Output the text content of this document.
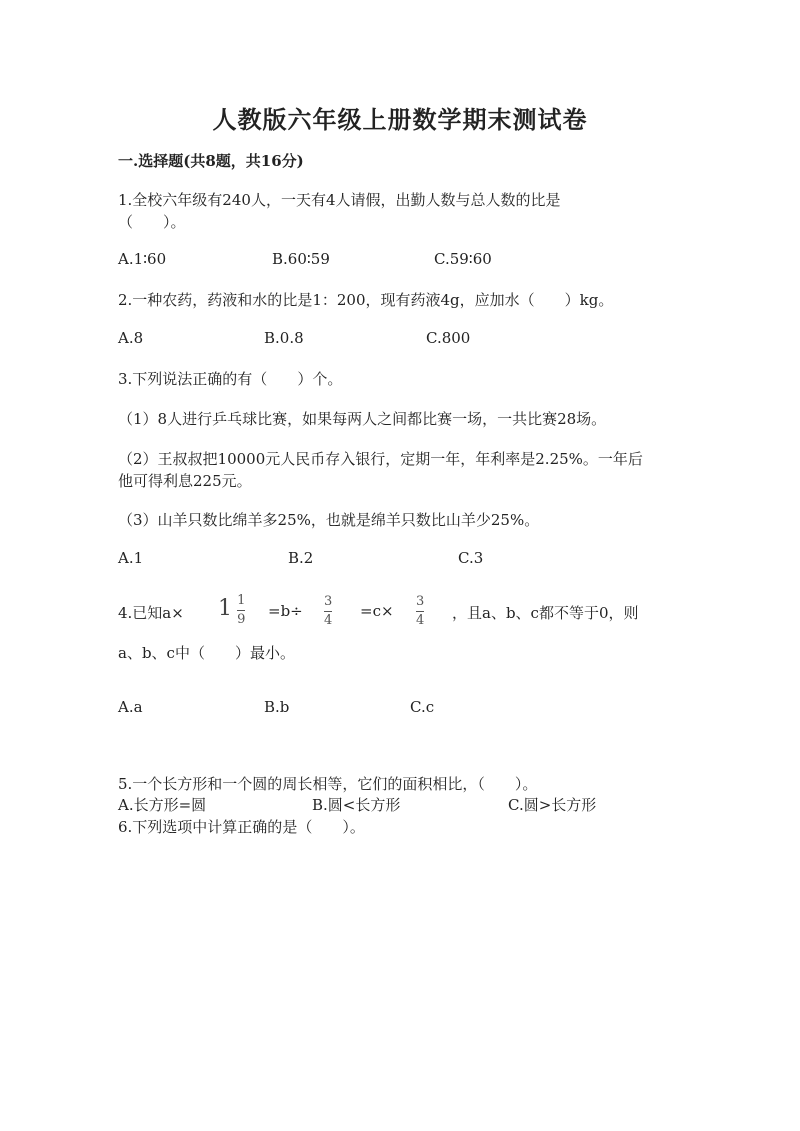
人教版六年级上册数学期末测试卷
一.选择题(共8题，共16分)
1.全校六年级有240人，一天有4人请假，出勤人数与总人数的比是
（　　）。
A.1∶60	B.60∶59	C.59∶60
2.一种农药，药液和水的比是1：200，现有药液4g，应加水（　　）kg。
A.8	B.0.8	C.800
3.下列说法正确的有（　　）个。
（1）8人进行乒乓球比赛，如果每两人之间都比赛一场，一共比赛28场。
（2）王叔叔把10000元人民币存入银行，定期一年，年利率是2.25%。一年后
他可得利息225元。
（3）山羊只数比绵羊多25%，也就是绵羊只数比山羊少25%。
A.1	B.2	C.3
4.已知$a\times 1 \frac{1}{9} =b\div \frac{3}{4} =c\times \frac{3}{4}$ ，且a、b、c都不等于0，则
a、b、c中（　　）最小。
A.a	B.b	C.c
5.一个长方形和一个圆的周长相等，它们的面积相比，（　　）。
A.长方形=圆	B.圆<长方形	C.圆>长方形
6.下列选项中计算正确的是（　　）。
